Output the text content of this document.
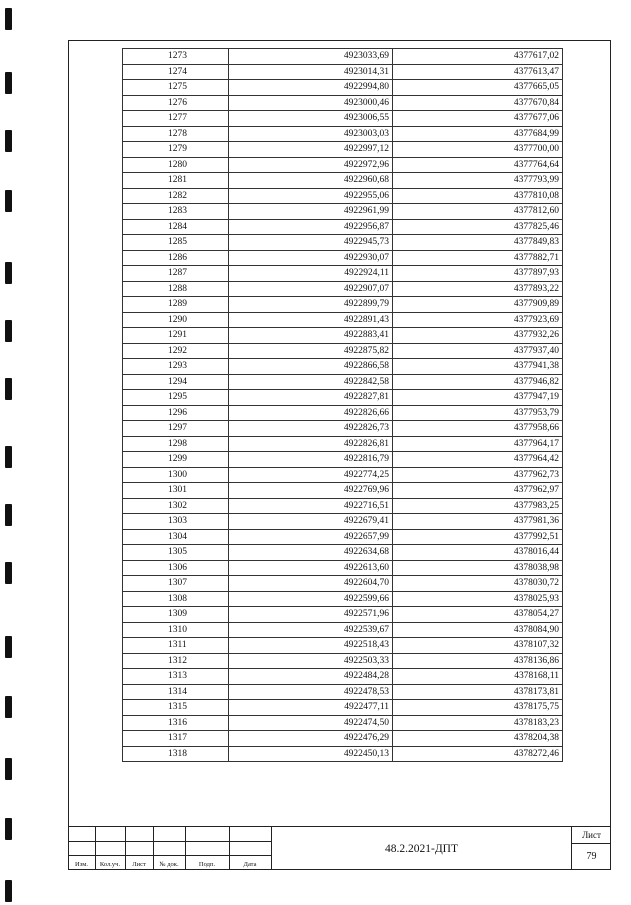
1273	4923033,69	4377617,02
1274	4923014,31	4377613,47
1275	4922994,80	4377665,05
1276	4923000,46	4377670,84
1277	4923006,55	4377677,06
1278	4923003,03	4377684,99
1279	4922997,12	4377700,00
1280	4922972,96	4377764,64
1281	4922960,68	4377793,99
1282	4922955,06	4377810,08
1283	4922961,99	4377812,60
1284	4922956,87	4377825,46
1285	4922945,73	4377849,83
1286	4922930,07	4377882,71
1287	4922924,11	4377897,93
1288	4922907,07	4377893,22
1289	4922899,79	4377909,89
1290	4922891,43	4377923,69
1291	4922883,41	4377932,26
1292	4922875,82	4377937,40
1293	4922866,58	4377941,38
1294	4922842,58	4377946,82
1295	4922827,81	4377947,19
1296	4922826,66	4377953,79
1297	4922826,73	4377958,66
1298	4922826,81	4377964,17
1299	4922816,79	4377964,42
1300	4922774,25	4377962,73
1301	4922769,96	4377962,97
1302	4922716,51	4377983,25
1303	4922679,41	4377981,36
1304	4922657,99	4377992,51
1305	4922634,68	4378016,44
1306	4922613,60	4378038,98
1307	4922604,70	4378030,72
1308	4922599,66	4378025,93
1309	4922571,96	4378054,27
1310	4922539,67	4378084,90
1311	4922518,43	4378107,32
1312	4922503,33	4378136,86
1313	4922484,28	4378168,11
1314	4922478,53	4378173,81
1315	4922477,11	4378175,75
1316	4922474,50	4378183,23
1317	4922476,29	4378204,38
1318	4922450,13	4378272,46
Изм.	Кол.уч.	Лист	№ док.	Подп.	Дата
48.2.2021-ДПТ
Лист
79
